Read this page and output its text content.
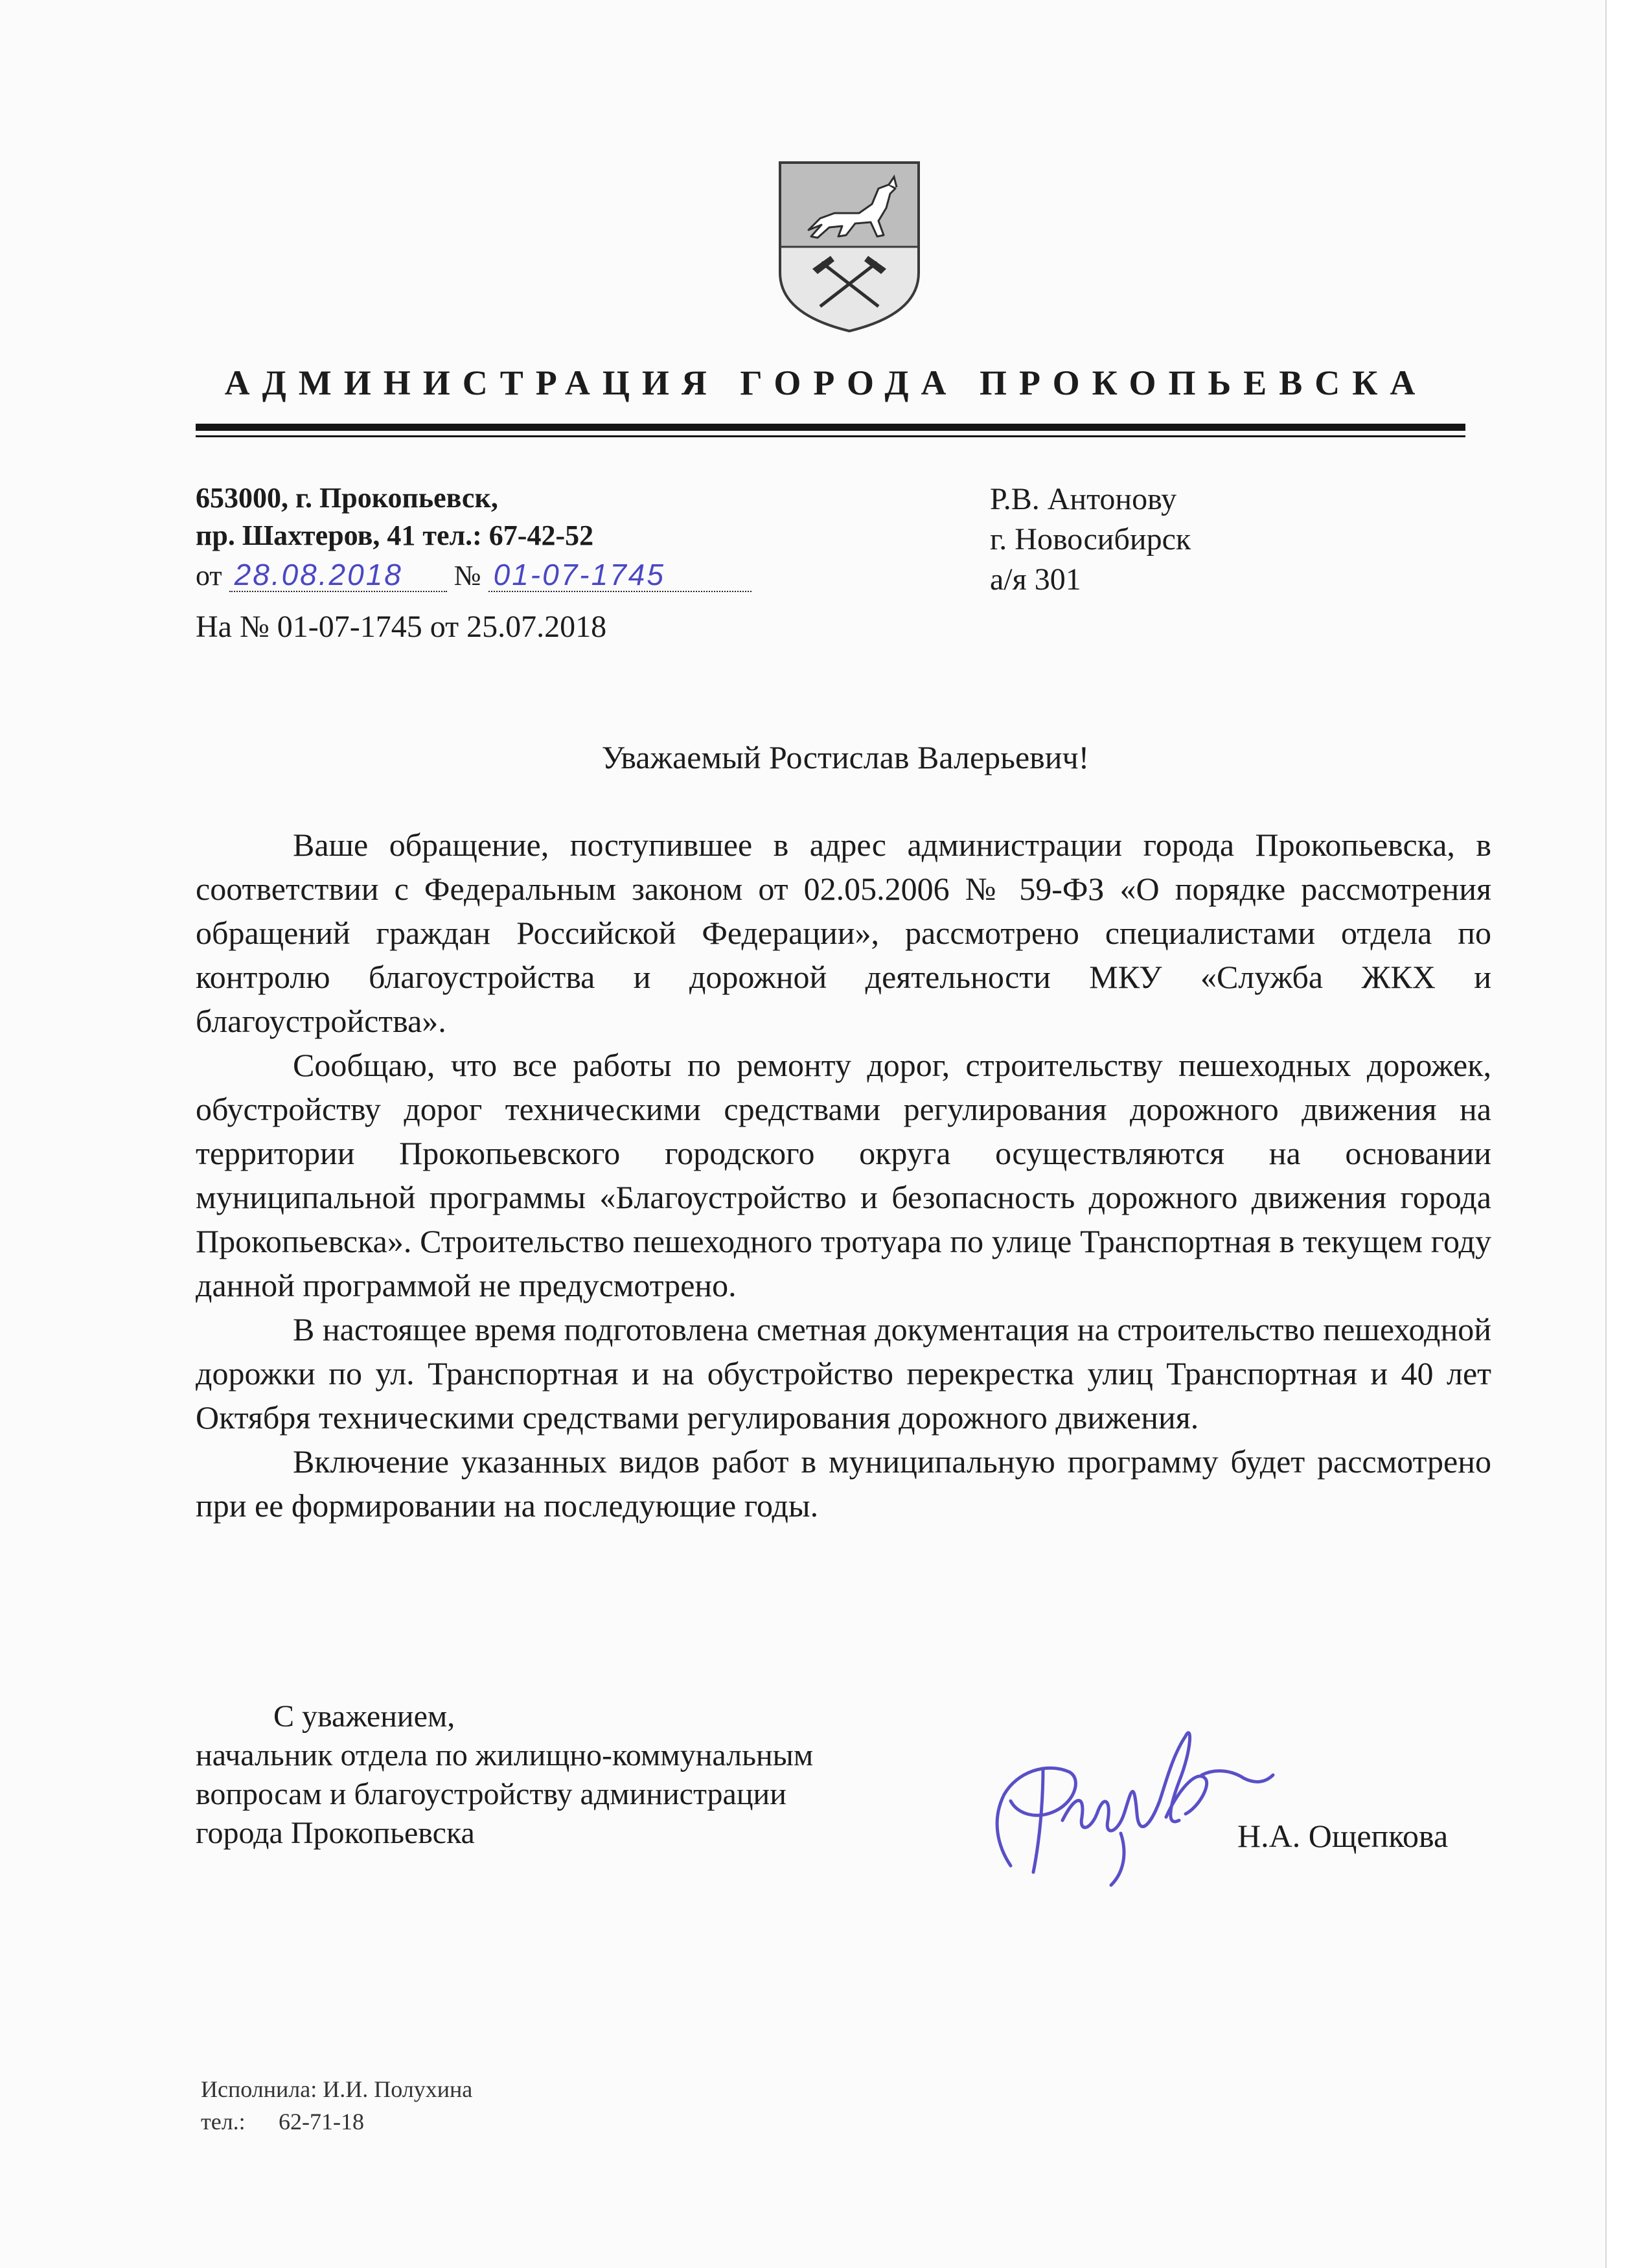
АДМИНИСТРАЦИЯ ГОРОДА ПРОКОПЬЕВСКА
653000, г. Прокопьевск,
пр. Шахтеров, 41 тел.: 67-42-52
от 28.08.2018 № 01-07-1745
На № 01-07-1745 от 25.07.2018
Р.В. Антонову
г. Новосибирск
а/я 301
Уважаемый Ростислав Валерьевич!

Ваше обращение, поступившее в адрес администрации города Прокопьевска, в соответствии с Федеральным законом от 02.05.2006 № 59-ФЗ «О порядке рассмотрения обращений граждан Российской Федерации», рассмотрено специалистами отдела по контролю благоустройства и дорожной деятельности МКУ «Служба ЖКХ и благоустройства».

Сообщаю, что все работы по ремонту дорог, строительству пешеходных дорожек, обустройству дорог техническими средствами регулирования дорожного движения на территории Прокопьевского городского округа осуществляются на основании муниципальной программы «Благоустройство и безопасность дорожного движения города Прокопьевска». Строительство пешеходного тротуара по улице Транспортная в текущем году данной программой не предусмотрено.

В настоящее время подготовлена сметная документация на строительство пешеходной дорожки по ул. Транспортная и на обустройство перекрестка улиц Транспортная и 40 лет Октября техническими средствами регулирования дорожного движения.

Включение указанных видов работ в муниципальную программу будет рассмотрено при ее формировании на последующие годы.

С уважением,
начальник отдела по жилищно-коммунальным
вопросам и благоустройству администрации
города Прокопьевска	Н.А. Ощепкова
Исполнила: И.И. Полухина
тел.: 62-71-18
